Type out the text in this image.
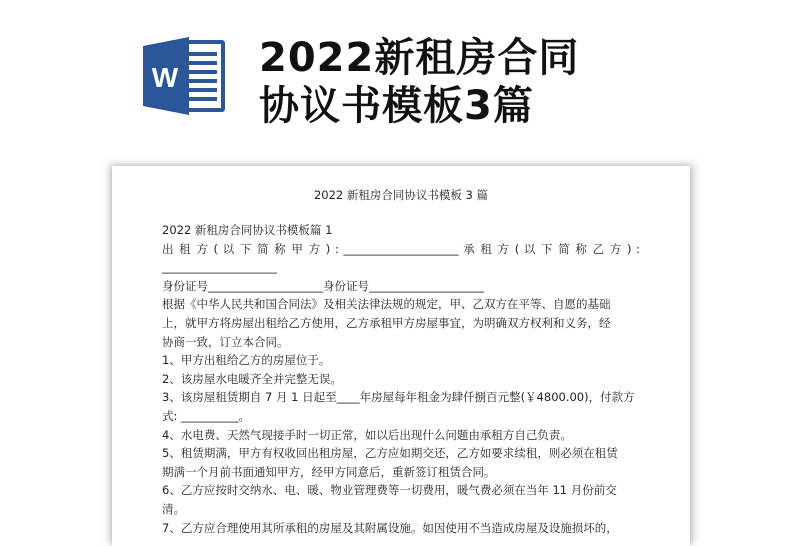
W 2022新租房合同
协议书模板3篇
2022 新租房合同协议书模板 3 篇
2022 新租房合同协议书模板篇 1
出 租 方 ( 以 下 简 称 甲 方 ) : ____________________ 承 租 方 ( 以 下 简 称 乙 方 ) :
____________________
身份证号____________________身份证号____________________
根据《中华人民共和国合同法》及相关法律法规的规定，甲、乙双方在平等、自愿的基础
上，就甲方将房屋出租给乙方使用，乙方承租甲方房屋事宜，为明确双方权利和义务，经
协商一致，订立本合同。
1、甲方出租给乙方的房屋位于。
2、该房屋水电暖齐全并完整无误。
3、该房屋租赁期自 7 月 1 日起至____年房屋每年租金为肆仟捌百元整(￥4800.00)，付款方
式: __________。
4、水电费、天然气现接手时一切正常，如以后出现什么问题由承租方自己负责。
5、租赁期满，甲方有权收回出租房屋，乙方应如期交还，乙方如要求续租，则必须在租赁
期满一个月前书面通知甲方，经甲方同意后，重新签订租赁合同。
6、乙方应按时交纳水、电、暖、物业管理费等一切费用，暖气费必须在当年 11 月份前交
清。
7、乙方应合理使用其所承租的房屋及其附属设施。如因使用不当造成房屋及设施损坏的，
